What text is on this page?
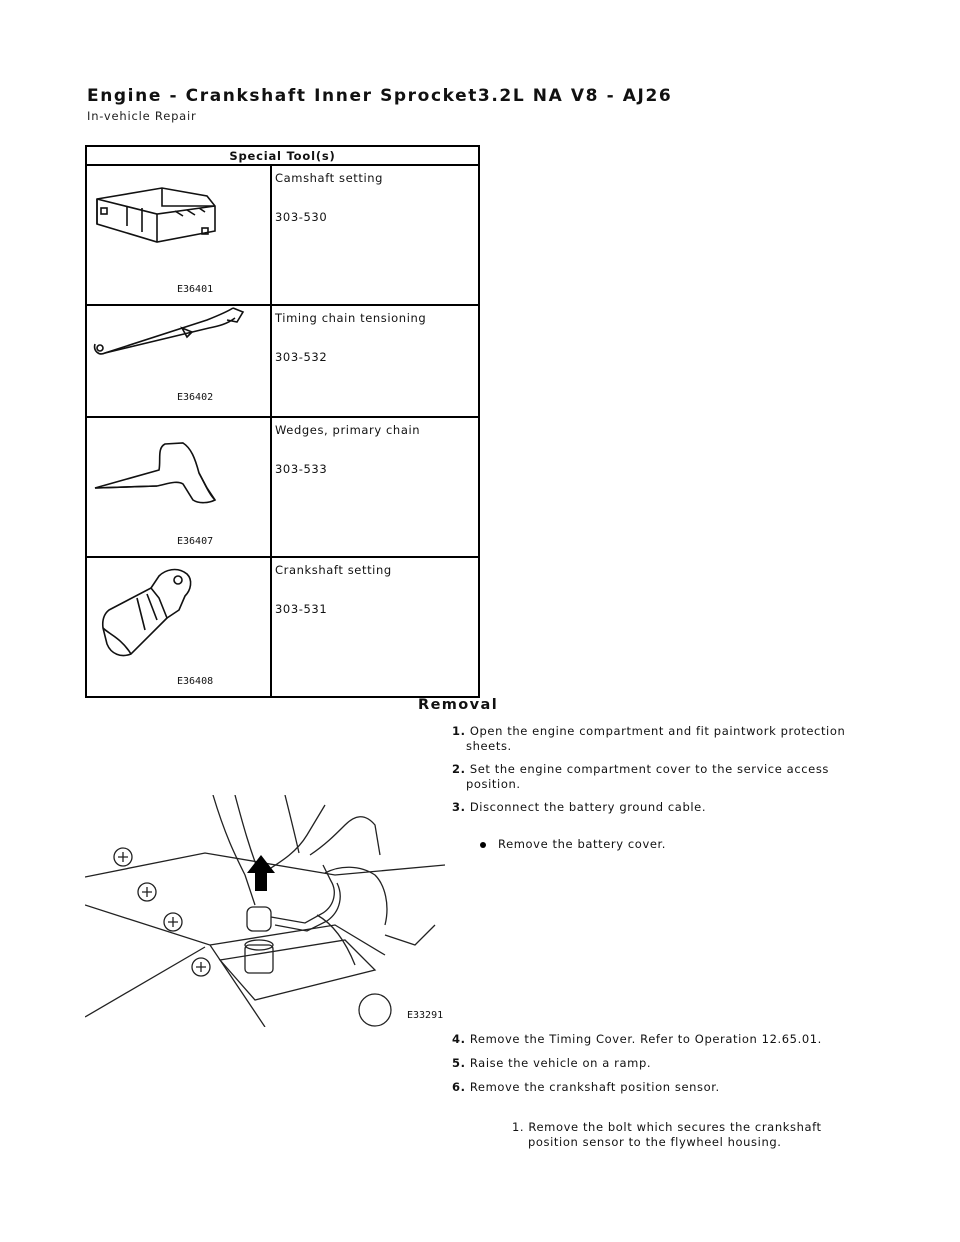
Engine - Crankshaft Inner Sprocket3.2L NA V8 - AJ26
In-vehicle Repair
Special Tool(s)	

E36401	Camshaft setting
303-530

E36402	Timing chain tensioning
303-532

E36407	Wedges, primary chain
303-533

E36408	Crankshaft setting
303-531
Removal
1. Open the engine compartment and fit paintwork protection
sheets.
2. Set the engine compartment cover to the service access
position.
3. Disconnect the battery ground cable.
Remove the battery cover.
E33291
4. Remove the Timing Cover. Refer to Operation 12.65.01.
5. Raise the vehicle on a ramp.
6. Remove the crankshaft position sensor.
1. Remove the bolt which secures the crankshaft
position sensor to the flywheel housing.
